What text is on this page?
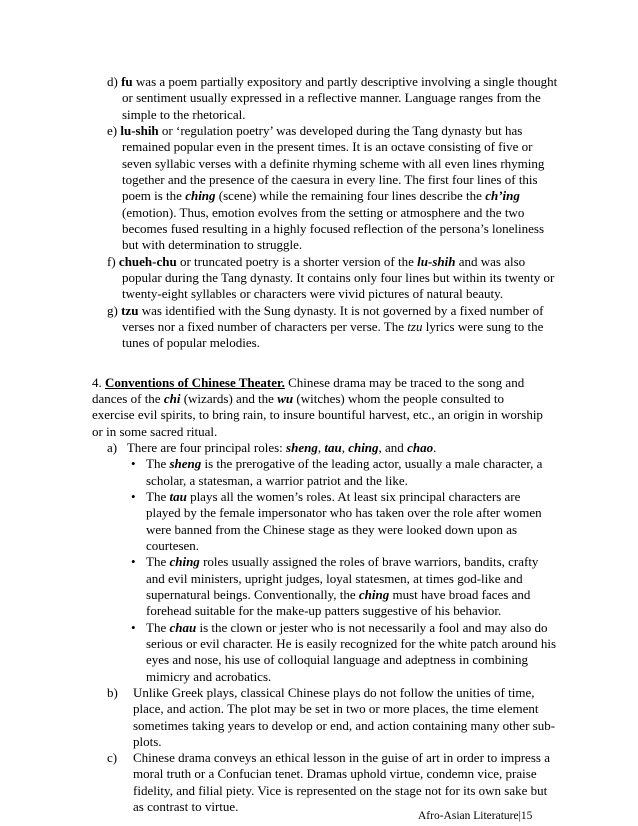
d) fu was a poem partially expository and partly descriptive involving a single thought
or sentiment usually expressed in a reflective manner. Language ranges from the
simple to the rhetorical.
e) lu-shih or ‘regulation poetry’ was developed during the Tang dynasty but has
remained popular even in the present times. It is an octave consisting of five or
seven syllabic verses with a definite rhyming scheme with all even lines rhyming
together and the presence of the caesura in every line. The first four lines of this
poem is the ching (scene) while the remaining four lines describe the ch’ing
(emotion). Thus, emotion evolves from the setting or atmosphere and the two
becomes fused resulting in a highly focused reflection of the persona’s loneliness
but with determination to struggle.
f) chueh-chu or truncated poetry is a shorter version of the lu-shih and was also
popular during the Tang dynasty. It contains only four lines but within its twenty or
twenty-eight syllables or characters were vivid pictures of natural beauty.
g) tzu was identified with the Sung dynasty. It is not governed by a fixed number of
verses nor a fixed number of characters per verse. The tzu lyrics were sung to the
tunes of popular melodies.
4. Conventions of Chinese Theater. Chinese drama may be traced to the song and
dances of the chi (wizards) and the wu (witches) whom the people consulted to
exercise evil spirits, to bring rain, to insure bountiful harvest, etc., an origin in worship
or in some sacred ritual.
a) There are four principal roles: sheng, tau, ching, and chao.
• The sheng is the prerogative of the leading actor, usually a male character, a
scholar, a statesman, a warrior patriot and the like.
• The tau plays all the women’s roles. At least six principal characters are
played by the female impersonator who has taken over the role after women
were banned from the Chinese stage as they were looked down upon as
courtesen.
• The ching roles usually assigned the roles of brave warriors, bandits, crafty
and evil ministers, upright judges, loyal statesmen, at times god-like and
supernatural beings. Conventionally, the ching must have broad faces and
forehead suitable for the make-up patters suggestive of his behavior.
• The chau is the clown or jester who is not necessarily a fool and may also do
serious or evil character. He is easily recognized for the white patch around his
eyes and nose, his use of colloquial language and adeptness in combining
mimicry and acrobatics.
b) Unlike Greek plays, classical Chinese plays do not follow the unities of time,
place, and action. The plot may be set in two or more places, the time element
sometimes taking years to develop or end, and action containing many other sub-
plots.
c) Chinese drama conveys an ethical lesson in the guise of art in order to impress a
moral truth or a Confucian tenet. Dramas uphold virtue, condemn vice, praise
fidelity, and filial piety. Vice is represented on the stage not for its own sake but
as contrast to virtue.
Afro-Asian Literature|15
